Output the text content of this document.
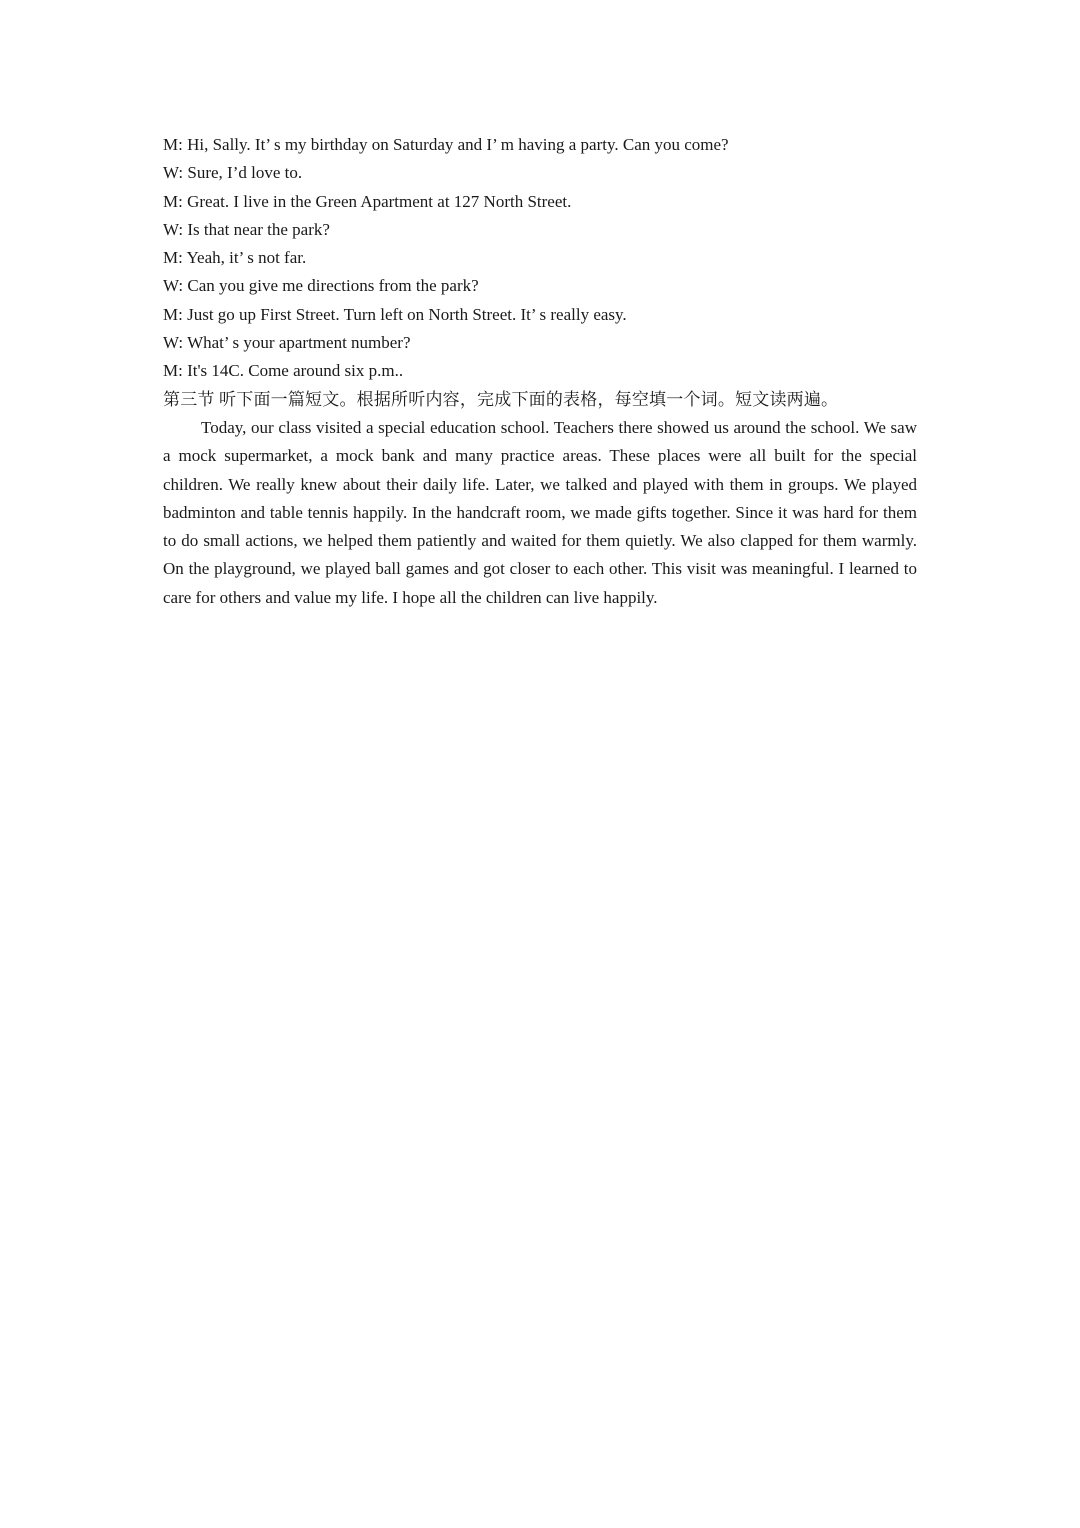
M: Hi, Sally. It’ s my birthday on Saturday and I’ m having a party. Can you come?
W: Sure, I’d love to.
M: Great. I live in the Green Apartment at 127 North Street.
W: Is that near the park?
M: Yeah, it’ s not far.
W: Can you give me directions from the park?
M: Just go up First Street. Turn left on North Street. It’ s really easy.
W: What’ s your apartment number?
M: It's 14C. Come around six p.m..
第三节 听下面一篇短文。根据所听内容，完成下面的表格，每空填一个词。短文读两遍。

Today, our class visited a special education school. Teachers there showed us around the school. We saw a mock supermarket, a mock bank and many practice areas. These places were all built for the special children. We really knew about their daily life. Later, we talked and played with them in groups. We played badminton and table tennis happily. In the handcraft room, we made gifts together. Since it was hard for them to do small actions, we helped them patiently and waited for them quietly. We also clapped for them warmly. On the playground, we played ball games and got closer to each other. This visit was meaningful. I learned to care for others and value my life. I hope all the children can live happily.
